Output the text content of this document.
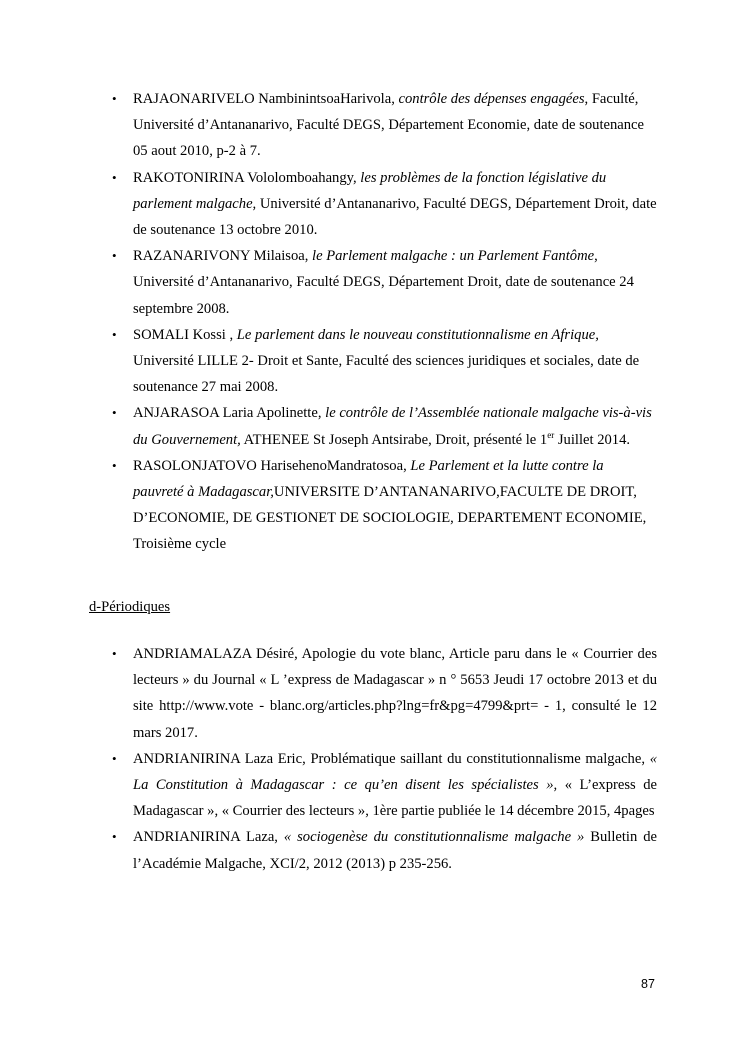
• RAJAONARIVELO NambinintsoaHarivola, contrôle des dépenses engagées, Faculté, Université d’Antananarivo, Faculté DEGS, Département Economie, date de soutenance 05 aout 2010, p-2 à 7.
• RAKOTONIRINA Vololomboahangy, les problèmes de la fonction législative du parlement malgache, Université d’Antananarivo, Faculté DEGS, Département Droit, date de soutenance 13 octobre 2010.
• RAZANARIVONY Milaisoa, le Parlement malgache : un Parlement Fantôme, Université d’Antananarivo, Faculté DEGS, Département Droit, date de soutenance 24 septembre 2008.
• SOMALI Kossi , Le parlement dans le nouveau constitutionnalisme en Afrique, Université LILLE 2- Droit et Sante, Faculté des sciences juridiques et sociales, date de soutenance 27 mai 2008.
• ANJARASOA Laria Apolinette, le contrôle de l’Assemblée nationale malgache vis-à-vis du Gouvernement, ATHENEE St Joseph Antsirabe, Droit, présenté le 1er Juillet 2014.
• RASOLONJATOVO HarisehenoMandratosoa, Le Parlement et la lutte contre la pauvreté à Madagascar,UNIVERSITE D’ANTANANARIVO,FACULTE DE DROIT, D’ECONOMIE, DE GESTIONET DE SOCIOLOGIE, DEPARTEMENT ECONOMIE, Troisième cycle
d-Périodiques
• ANDRIAMALAZA Désiré, Apologie du vote blanc, Article paru dans le « Courrier des lecteurs » du Journal « L ’express de Madagascar » n ° 5653 Jeudi 17 octobre 2013 et du site http://www.vote - blanc.org/articles.php?lng=fr&pg=4799&prt= - 1, consulté le 12 mars 2017.
• ANDRIANIRINA Laza Eric, Problématique saillant du constitutionnalisme malgache, « La Constitution à Madagascar : ce qu’en disent les spécialistes », « L’express de Madagascar », « Courrier des lecteurs », 1ère partie publiée le 14 décembre 2015, 4pages
• ANDRIANIRINA Laza, « sociogenèse du constitutionnalisme malgache » Bulletin de l’Académie Malgache, XCI/2, 2012 (2013) p 235-256.
87
